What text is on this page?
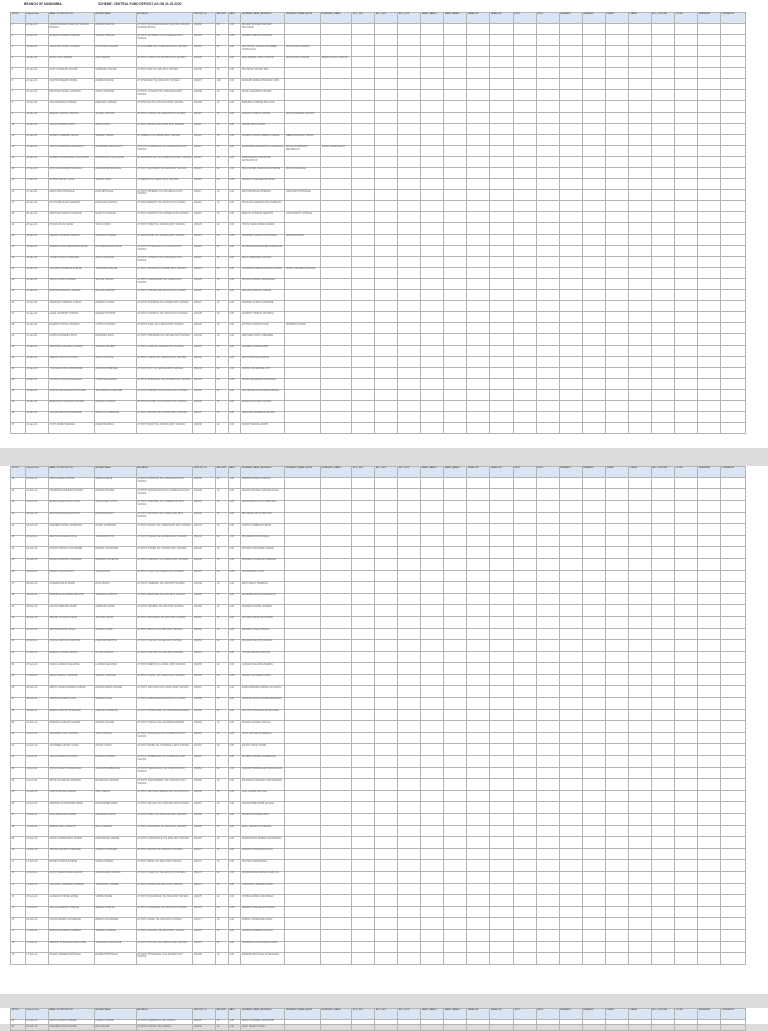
BRANCH OF MANDIMBA	SCHEME: CENTRAL FUND DEPOSIT AS ON 31-03-2020
SR NO	Deposit Date	NAME OF DEPOSITOR	FATHER NAME	ADDRESS	DEPOSIT_ID	AMOUNT	RATE	NOMINEE_NAME_ADDRESS	NOMINEE2_NAME_ADDR	NOMINEE3_NAME	ACC_NO1	ACC_NO2	ACC_NO3	BANK_NAME1	BANK_NAME2	BRANCH1	BRANCH2	IFSC1	IFSC2	REMARK1	REMARK2	CLAIM1	CLAIM2	ACC_HOLDER	CLOSE	TRANSFER	COMMENTS
1	23-Jan-20	SHANTA BHARAT JADHAV SHANTA BHARAT	BHARAT JADHAV	AT POST BHOSARE NAGAR TAL DIST SATARA MAHARASHTRA	100102	25	4.00	BHARAT BHARAT JADHAV BHOSARE																			
2	23-Jan-20	MANISHA SANDIP SHELAR	SANDIP SHELAR	AT POST SHIRWAL TAL KHANDALA DIST SATARA	100103	10	4.00	SANDIP SHELAR SHIRWAL																			
3	23-Jan-20	SUNIL DATTATRAY KADAM	DATTATRAY KADAM	AT KALAMBE TAL KOREGAON DIST SATARA	100104	10	4.00	DATTATRAY KADAM KALAMBE KOREGAON	ANITA SUNIL KADAM																		
4	23-Jan-20	RAHUL ANIL PAWAR	ANIL PAWAR	AT POST VADUJ TAL KHATAV DIST SATARA	100105	10	4.00	ANIL PAWAR VADUJ KHATAV	SUNITA ANIL PAWAR	SEEMA RAHUL PAWAR																	
5	23-Jan-20	VIJAY SHANKAR JAGTAP	SHANKAR JAGTAP	AT POST WAI TAL WAI DIST SATARA	100106	10	4.00	SHANKAR JAGTAP WAI																			
6	23-Jan-20	SACHIN RAMESH MORE	RAMESH MORE	AT MHASWAD TAL MAN DIST SATARA	100107	100	4.00	RAMESH MORE MHASWAD MAN																			
7	24-Jan-20	PRIYANKA SUNIL GAIKWAD	SUNIL GAIKWAD	AT POST LONAND TAL KHANDALA DIST SATARA	100108	10	4.00	SUNIL GAIKWAD LONAND																			
8	24-Jan-20	ANIL BABURAO SHINDE	BABURAO SHINDE	AT PHALTAN TAL PHALTAN DIST SATARA	100109	10	4.00	BABURAO SHINDE PHALTAN																			
9	24-Jan-20	DEEPAK VASANT JADHAV	VASANT JADHAV	AT POST KARAD TAL KARAD DIST SATARA	100110	10	4.00	VASANT JADHAV KARAD	SUNITA DEEPAK JADHAV																		
10	24-Jan-20	SANGITA ASHOK PATIL	ASHOK PATIL	AT POST PATAN TAL PATAN DIST SATARA	100111	10	4.00	ASHOK PATIL PATAN																			
11	25-Jan-20	MAHESH SURESH NIKAM	SURESH NIKAM	AT UMBRAJ TAL KARAD DIST SATARA	100112	10	4.00	SURESH NIKAM UMBRAJ KARAD	MEENA MAHESH NIKAM																		
12	25-Jan-20	SWATI RAJENDRA DESHMUKH	RAJENDRA DESHMUKH	AT POST KOREGAON TAL KOREGAON DIST SATARA	100113	10	4.00	RAJENDRA DESHMUKH KOREGAON	RAHUL RAJENDRA DESHMUKH	SANIKA DESHMUKH																	
13	25-Jan-20	GANESH PANDURANG SALUNKHE	PANDURANG SALUNKHE	AT RAHIMATPUR TAL KOREGAON DIST SATARA	100114	10	4.00	PANDURANG SALUNKHE RAHIMATPUR																			
14	27-Jan-20	NITIN BALASAHEB JAGDALE	BALASAHEB JAGDALE	AT POST DAHIWADI TAL MAN DIST SATARA	100115	10	4.00	BALASAHEB JAGDALE DAHIWADI	SUNITA JAGDALE																		
15	27-Jan-20	ROHINI SANJAY KALE	SANJAY KALE	AT MEDHA TAL JAVALI DIST SATARA	100116	10	4.00	SANJAY KALE MEDHA JAVALI																			
16	27-Jan-20	AMOL DILIP BHOSALE	DILIP BHOSALE	AT POST SHIRWAL TAL KHANDALA DIST SATARA	100117	10	4.00	DILIP BHOSALE SHIRWAL	ASHA DILIP BHOSALE																		
17	28-Jan-20	KAVITA PRAKASH SAWANT	PRAKASH SAWANT	AT MALHARPETH TAL PATAN DIST SATARA	100118	10	4.00	PRAKASH SAWANT MALHARPETH																			
18	28-Jan-20	SANTOSH MARUTI GHADGE	MARUTI GHADGE	AT POST WADUTH TAL SATARA DIST SATARA	100119	10	4.00	MARUTI GHADGE WADUTH	LATA MARUTI GHADGE																		
19	28-Jan-20	POOJA VIKAS YADAV	VIKAS YADAV	AT POST KHED TAL SATARA DIST SATARA	100120	10	4.00	VIKAS YADAV KHED SATARA																			
20	29-Jan-20	PRAVIN HANMANT PAWAR	HANMANT PAWAR	AT NAGTHANE TAL SATARA DIST SATARA	100121	10	4.00	HANMANT PAWAR NAGTHANE	SUMAN PAWAR																		
21	29-Jan-20	SUREKHA DNYANESHWAR MANE	DNYANESHWAR MANE	AT POST PUSEGAON TAL KHATAV DIST SATARA	100122	10	4.00	DNYANESHWAR MANE PUSEGAON																			
22	29-Jan-20	YOGESH ARUN JAMDADE	ARUN JAMDADE	AT POST LONAND TAL KHANDALA DIST SATARA	100123	10	4.00	ARUN JAMDADE LONAND																			
23	30-Jan-20	ASHWINI TUKARAM SHELKE	TUKARAM SHELKE	AT POST MASUR TAL KARAD DIST SATARA	100124	10	4.00	TUKARAM SHELKE MASUR KARAD	SUNIL TUKARAM SHELKE																		
24	30-Jan-20	VINOD SHIVAJI KADAM	SHIVAJI KADAM	AT POST OGALEWADI TAL KARAD DIST SATARA	100125	10	4.00	SHIVAJI KADAM OGALEWADI																			
25	30-Jan-20	MADHURI BALASO JADHAV	BALASO JADHAV	AT POST TARALE TAL PATAN DIST SATARA	100126	10	4.00	BALASO JADHAV TARALE																			
26	31-Jan-20	SHRIKANT NAMDEV GURAV	NAMDEV GURAV	AT POST KOPARDE TAL KARAD DIST SATARA	100127	10	4.00	NAMDEV GURAV KOPARDE																			
27	31-Jan-20	ANJALI SURESH THORAT	SURESH THORAT	AT POST CHAPHAL TAL PATAN DIST SATARA	100128	10	4.00	SURESH THORAT CHAPHAL																			
28	31-Jan-20	RAJESH VITTHAL CHAVAN	VITTHAL CHAVAN	AT POST KALE TAL KARAD DIST SATARA	100129	10	4.00	VITTHAL CHAVAN KALE	SHOBHA CHAVAN																		
29	31-Jan-20	SUNITA MAHADEV PATIL	MAHADEV PATIL	AT POST SHENDRE TAL SATARA DIST SATARA	100130	10	4.00	MAHADEV PATIL SHENDRE																			
30	31-Jan-20	PRASHANT ANANDA SHINDE	ANANDA SHINDE	AT POST LIMB TAL SATARA DIST SATARA	100131	10	4.00	ANANDA SHINDE LIMB																			
31	31-Jan-20	SNEHAL DATTA SHITOLE	DATTA SHITOLE	AT POST VARYE TAL SATARA DIST SATARA	100132	10	4.00	DATTA SHITOLE VARYE																			
32	31-Jan-20	TUSHAR ASHOK GHORPADE	ASHOK GHORPADE	AT POST ATIT TAL SATARA DIST SATARA	100133	10	4.00	ASHOK GHORPADE ATIT																			
33	31-Jan-20	VAISHALI KISAN NALAWADE	KISAN NALAWADE	AT POST BORGAON TAL SATARA DIST SATARA	100134	10	4.00	KISAN NALAWADE BORGAON																			
34	31-Jan-20	HARISH SAKHARAM PHADTARE	SAKHARAM PHADTARE	AT POST NIMSOD TAL KHATAV DIST SATARA	100135	10	4.00	SAKHARAM PHADTARE NIMSOD																			
35	31-Jan-20	MEENAKSHI RAMDAS KHARAT	RAMDAS KHARAT	AT POST AUNDH TAL KHATAV DIST SATARA	100136	10	4.00	RAMDAS KHARAT AUNDH																			
36	31-Jan-20	SAGAR NARAYAN SHEWALE	NARAYAN SHEWALE	AT POST MAYANI TAL KHATAV DIST SATARA	100137	10	4.00	NARAYAN SHEWALE MAYANI																			
37	31-Jan-20	JYOTI PANDIT BANDAL	PANDIT BANDAL	AT POST BUDH TAL KHATAV DIST SATARA	100138	10	4.00	PANDIT BANDAL BUDH																			
SR NO	Deposit Date	NAME OF DEPOSITOR	FATHER NAME	ADDRESS	DEPOSIT_ID	AMOUNT	RATE	NOMINEE_NAME_ADDRESS	NOMINEE2_NAME_ADDR	NOMINEE3_NAME	ACC_NO1	ACC_NO2	ACC_NO3	BANK_NAME1	BANK_NAME2	BRANCH1	BRANCH2	IFSC1	IFSC2	REMARK1	REMARK2	CLAIM1	CLAIM2	ACC_HOLDER	CLOSE	TRANSFER	COMMENTS
38	01-Feb-20	KIRAN BABAN SURVE	BABAN SURVE	AT POST KATAPUR TAL KOREGAON DIST SATARA	100139	10	4.00	BABAN SURVE KATAPUR																			
39	01-Feb-20	SHUBHANGI NILESH DHUMAL	NILESH DHUMAL	AT POST SATARA ROAD TAL KOREGAON DIST SATARA	100140	10	4.00	NILESH DHUMAL SATARA ROAD																			
40	01-Feb-20	MANOJ RAGHUNATH KHOT	RAGHUNATH KHOT	AT POST PIMPODE TAL KOREGAON DIST SATARA	100141	10	4.00	RAGHUNATH KHOT PIMPODE																			
41	03-Feb-20	ARCHANA BHAGWAN DIXIT	BHAGWAN DIXIT	AT POST WATHAR TAL KOREGAON DIST SATARA	100142	10	4.00	BHAGWAN DIXIT WATHAR																			
42	03-Feb-20	SANDEEP GOPAL KUMBHAR	GOPAL KUMBHAR	AT POST KINHAI TAL KOREGAON DIST SATARA	100143	10	4.00	GOPAL KUMBHAR KINHAI																			
43	03-Feb-20	REKHA SHANKAR POTE	SHANKAR POTE	AT POST PADALI TAL SATARA DIST SATARA	100144	10	4.00	SHANKAR POTE PADALI																			
44	04-Feb-20	AKSHAY MOHAN LOKHANDE	MOHAN LOKHANDE	AT POST KANER TAL SATARA DIST SATARA	100145	10	4.00	MOHAN LOKHANDE KANER																			
45	04-Feb-20	NANDA BHIMRAO KOLEKAR	BHIMRAO KOLEKAR	AT POST SHENOLI TAL KARAD DIST SATARA	100146	10	4.00	BHIMRAO KOLEKAR SHENOLI																			
46	04-Feb-20	PANKAJ VILAS MULIK	VILAS MULIK	AT POST KOLE TAL KARAD DIST SATARA	100147	10	4.00	VILAS MULIK KOLE																			
47	05-Feb-20	SUVARNA DILIP WAGH	DILIP WAGH	AT POST TAMBAVE TAL WAI DIST SATARA	100148	10	4.00	DILIP WAGH TAMBAVE																			
48	05-Feb-20	RAVINDRA SHAMRAO BHOITE	SHAMRAO BHOITE	AT POST BAVDHAN TAL WAI DIST SATARA	100149	10	4.00	SHAMRAO BHOITE BAVDHAN																			
49	05-Feb-20	LALITA SUBHASH DORE	SUBHASH DORE	AT POST OZARDE TAL WAI DIST SATARA	100150	10	4.00	SUBHASH DORE OZARDE																			
50	06-Feb-20	OMKAR JAYSING NIKAM	JAYSING NIKAM	AT POST PACHWAD TAL WAI DIST SATARA	100151	10	4.00	JAYSING NIKAM PACHWAD																			
51	06-Feb-20	SAVITA BAJIRAO PISAL	BAJIRAO PISAL	AT POST BHUINJ TAL WAI DIST SATARA	100152	10	4.00	BAJIRAO PISAL BHUINJ																			
52	06-Feb-20	VISHAL PRAKASH MOHITE	PRAKASH MOHITE	AT POST SURUR TAL WAI DIST SATARA	100153	10	4.00	PRAKASH MOHITE SURUR																			
53	07-Feb-20	MANGAL UTTAM JADHAV	UTTAM JADHAV	AT POST KAVTHE TAL WAI DIST SATARA	100154	10	4.00	UTTAM JADHAV KAVTHE																			
54	07-Feb-20	SURAJ LAXMAN SALUNKE	LAXMAN SALUNKE	AT POST MEDHA TAL JAVALI DIST SATARA	100155	10	4.00	LAXMAN SALUNKE MEDHA																			
55	07-Feb-20	DIPALI SANJAY GHADGE	SANJAY GHADGE	AT POST KUDAL TAL JAVALI DIST SATARA	100156	10	4.00	SANJAY GHADGE KUDAL																			
56	08-Feb-20	ABHIJIT RAMCHANDRA SHINDE	RAMCHANDRA SHINDE	AT POST SAYGAON TAL JAVALI DIST SATARA	100157	10	4.00	RAMCHANDRA SHINDE SAYGAON																			
57	08-Feb-20	SARIKA MAHESH KALE	MAHESH KALE	AT POST MAHABALESHWAR DIST SATARA	100158	10	4.00	MAHESH KALE MAHABALESHWAR																			
58	08-Feb-20	NILESH ANKUSH DHAWALE	ANKUSH DHAWALE	AT POST PANCHGANI TAL MAHABALESHWAR	100159	10	4.00	ANKUSH DHAWALE PANCHGANI																			
59	10-Feb-20	VANDANA SUDAM GAVADE	SUDAM GAVADE	AT POST TAPOLA TAL MAHABALESHWAR	100160	10	4.00	SUDAM GAVADE TAPOLA																			
60	10-Feb-20	SHAILESH VIJAY PATOLE	VIJAY PATOLE	AT POST KHANDALA TAL KHANDALA DIST SATARA	100161	10	4.00	VIJAY PATOLE KHANDALA																			
61	10-Feb-20	JAYSHREE ARJUN YADAV	ARJUN YADAV	AT POST AHIRE TAL KHANDALA DIST SATARA	100162	10	4.00	ARJUN YADAV AHIRE																			
62	11-Feb-20	TEJAS BHARAT DHUMAL	BHARAT DHUMAL	AT POST PADEGAON TAL KHANDALA DIST SATARA	100163	10	4.00	BHARAT DHUMAL PADEGAON																			
63	11-Feb-20	USHA GORAKH NIMBALKAR	GORAKH NIMBALKAR	AT POST TARADGAON TAL PHALTAN DIST SATARA	100164	10	4.00	GORAKH NIMBALKAR TARADGAON																			
64	11-Feb-20	NIKHIL RAJARAM GAIKWAD	RAJARAM GAIKWAD	AT POST SAKHARWADI TAL PHALTAN DIST SATARA	100165	10	4.00	RAJARAM GAIKWAD SAKHARWADI																			
65	12-Feb-20	PRATIBHA ANIL KADAM	ANIL KADAM	AT POST WATHAR NIMBALKAR TAL PHALTAN	100166	10	4.00	ANIL KADAM WATHAR																			
66	12-Feb-20	SWAPNIL DADASAHEB MANE	DADASAHEB MANE	AT POST RAJALE TAL PHALTAN DIST SATARA	100167	10	4.00	DADASAHEB MANE RAJALE																			
67	12-Feb-20	ALKA KRISHNA POWAR	KRISHNA POWAR	AT POST GIRVI TAL PHALTAN DIST SATARA	100168	10	4.00	KRISHNA POWAR GIRVI																			
68	13-Feb-20	DINESH BALU SAWANT	BALU SAWANT	AT POST DAHIWADI TAL MAN DIST SATARA	100169	10	4.00	BALU SAWANT DAHIWADI																			
69	13-Feb-20	SHITAL PANDURANG ZENDE	PANDURANG ZENDE	AT POST GONDAVALE TAL MAN DIST SATARA	100170	10	4.00	PANDURANG ZENDE GONDAVALE																			
70	13-Feb-20	VIKRAM GANPAT KHARADE	GANPAT KHARADE	AT POST PALSHI TAL MAN DIST SATARA	100171	10	4.00	GANPAT KHARADE PALSHI																			
71	14-Feb-20	MONIKA SHAHAJI DESAI	SHAHAJI DESAI	AT POST BIDAL TAL MAN DIST SATARA	100172	10	4.00	SHAHAJI DESAI BIDAL																			
72	14-Feb-20	ROHIT NANDKUMAR JADHAV	NANDKUMAR JADHAV	AT POST VARKUTE TAL MAN DIST SATARA	100173	10	4.00	NANDKUMAR JADHAV VARKUTE																			
73	14-Feb-20	KALPANA YASHWANT SHINDE	YASHWANT SHINDE	AT POST PINGLI TAL MAN DIST SATARA	100174	10	4.00	YASHWANT SHINDE PINGLI																			
74	15-Feb-20	GAJANAN VISHNU MORE	VISHNU MORE	AT POST KUKUDWAD TAL MAN DIST SATARA	100175	10	4.00	VISHNU MORE KUKUDWAD																			
75	15-Feb-20	PALLAVI DEEPAK SHELKE	DEEPAK SHELKE	AT POST MHASWAD TAL MAN DIST SATARA	100176	10	4.00	DEEPAK SHELKE MHASWAD																			
76	15-Feb-20	SUHAS PANDIT GHORPADE	PANDIT GHORPADE	AT POST DIVAD TAL MAN DIST SATARA	100177	10	4.00	PANDIT GHORPADE DIVAD																			
77	17-Feb-20	MANISHA SURESH KAMBLE	SURESH KAMBLE	AT POST PALASHI TAL MAN DIST SATARA	100178	10	4.00	SURESH KAMBLE PALASHI																			
78	17-Feb-20	HEMANT SHRIRANG DOIPHODE	SHRIRANG DOIPHODE	AT POST KHATAV TAL KHATAV DIST SATARA	100179	10	4.00	SHRIRANG DOIPHODE KHATAV																			
79	17-Feb-20	SONALI RAMESH BHOSALE	RAMESH BHOSALE	AT POST PUSESAVALI TAL KHATAV DIST SATARA	100180	10	4.00	RAMESH BHOSALE PUSESAVALI																			
SR NO	Deposit Date	NAME OF DEPOSITOR	FATHER NAME	ADDRESS	DEPOSIT_ID	AMOUNT	RATE	NOMINEE_NAME_ADDRESS	NOMINEE2_NAME_ADDR	NOMINEE3_NAME	ACC_NO1	ACC_NO2	ACC_NO3	BANK_NAME1	BANK_NAME2	BRANCH1	BRANCH2	IFSC1	IFSC2	REMARK1	REMARK2	CLAIM1	CLAIM2	ACC_HOLDER	CLOSE	TRANSFER	COMMENTS
80	18-Feb-20	ASHOK DAGDU SHINDE	DAGDU SHINDE	AT POST KALEDHON TAL KHATAV	100181	10	4.00	DAGDU SHINDE KALEDHON																			
81	18-Feb-20	SANGEETA RAJU MANE	RAJU MANE	AT POST CHITALI TAL KHATAV	100182	10	4.00	RAJU MANE CHITALI																			
